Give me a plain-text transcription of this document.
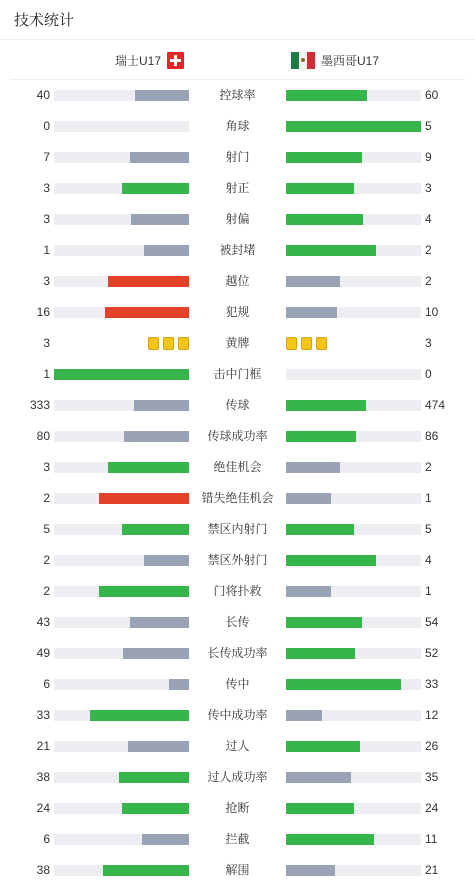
技术统计
瑞士U17	墨西哥U17
40	控球率	60
0	角球	5
7	射门	9
3	射正	3
3	射偏	4
1	被封堵	2
3	越位	2
16	犯规	10
3	黄牌	3
1	击中门框	0
333	传球	474
80	传球成功率	86
3	绝佳机会	2
2	错失绝佳机会	1
5	禁区内射门	5
2	禁区外射门	4
2	门将扑救	1
43	长传	54
49	长传成功率	52
6	传中	33
33	传中成功率	12
21	过人	26
38	过人成功率	35
24	抢断	24
6	拦截	11
38	解围	21
